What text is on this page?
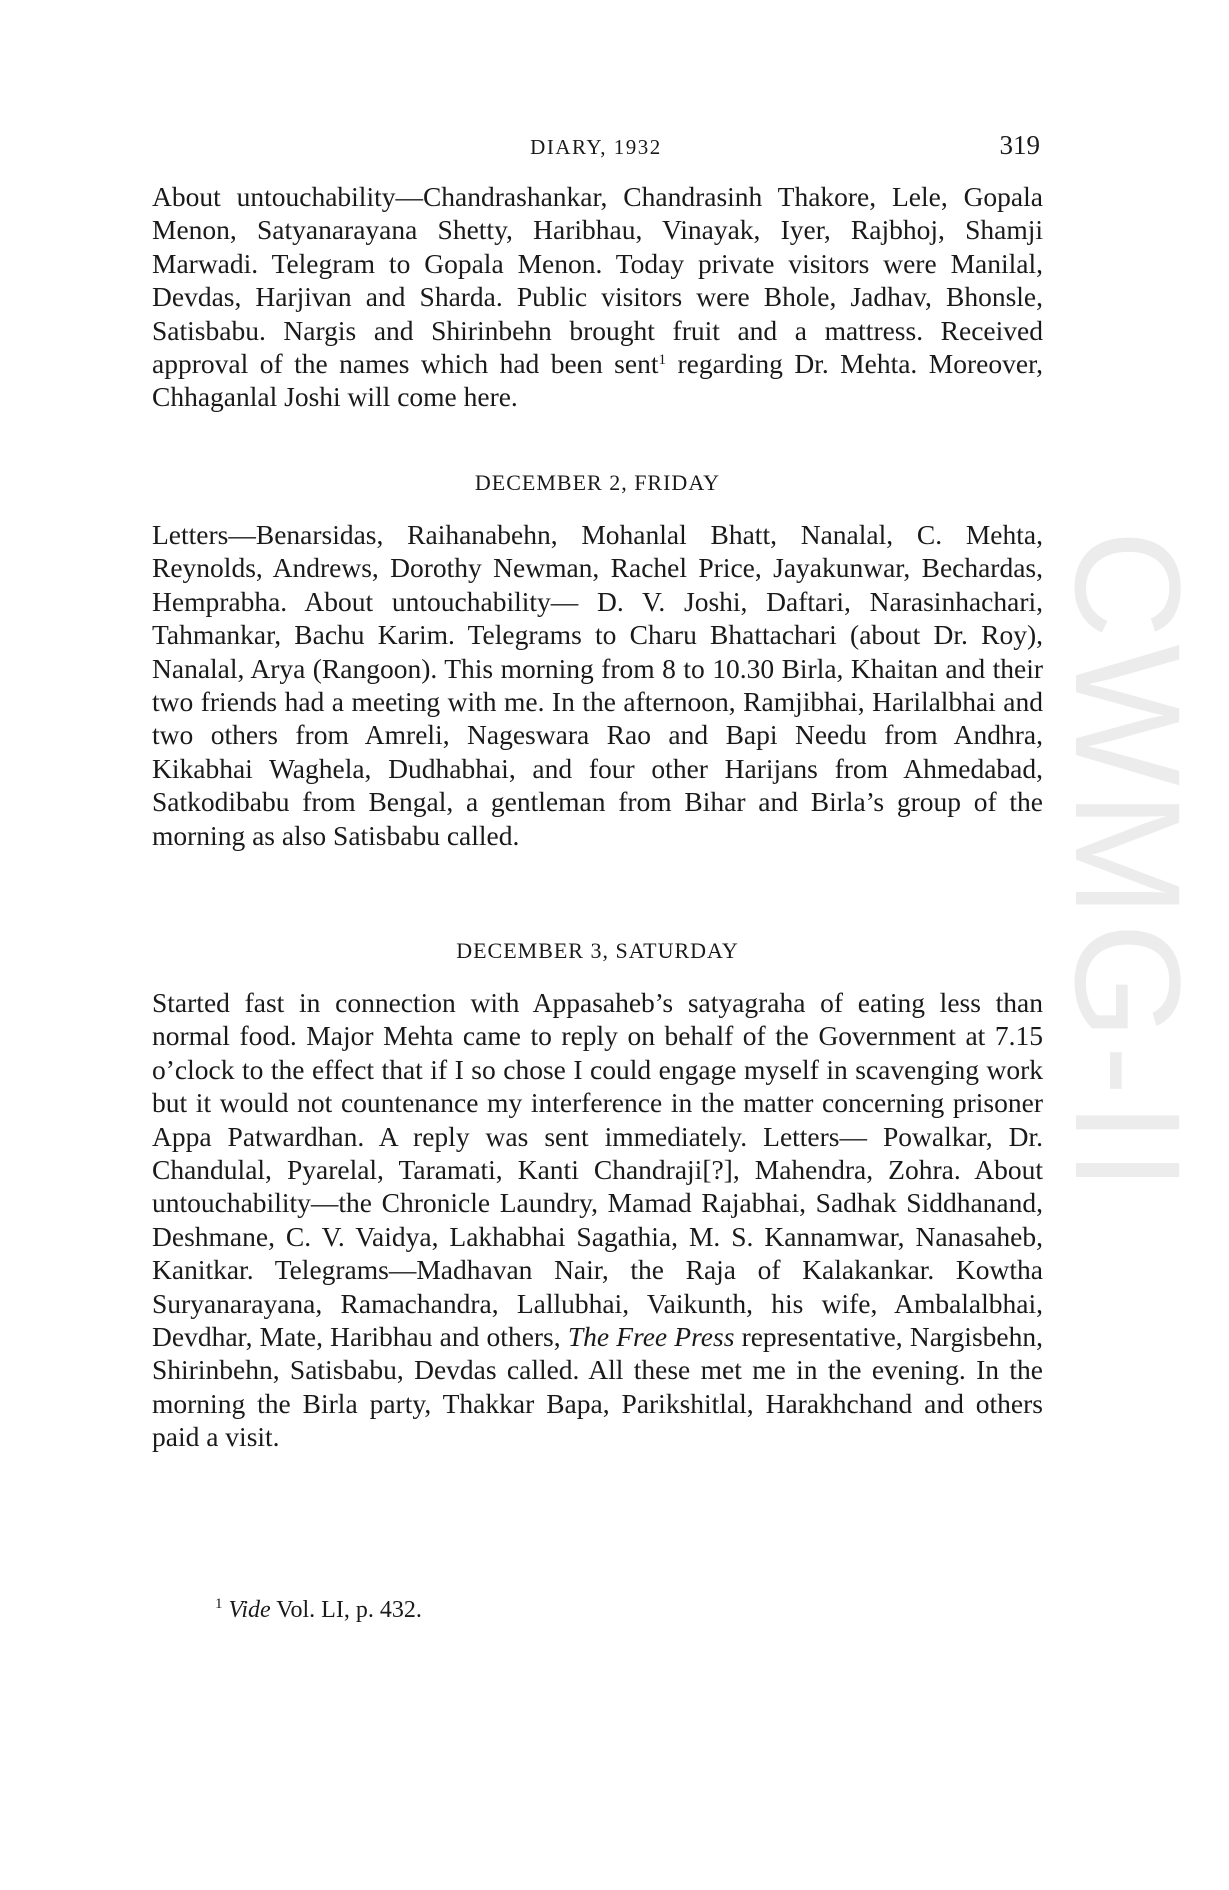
CWMG-II
DIARY, 1932	319

About untouchability—Chandrashankar, Chandrasinh Thakore, Lele, Gopala Menon, Satyanarayana Shetty, Haribhau, Vinayak, Iyer, Rajbhoj, Shamji Marwadi. Telegram to Gopala Menon. Today private visitors were Manilal, Devdas, Harjivan and Sharda. Public visitors were Bhole, Jadhav, Bhonsle, Satisbabu. Nargis and Shirinbehn brought fruit and a mattress. Received approval of the names which had been sent$^1$ regarding Dr. Mehta. Moreover, Chhaganlal Joshi will come here.

DECEMBER 2, FRIDAY

Letters—Benarsidas, Raihanabehn, Mohanlal Bhatt, Nanalal, C. Mehta, Reynolds, Andrews, Dorothy Newman, Rachel Price, Jayakunwar, Bechardas, Hemprabha. About untouchability— D. V. Joshi, Daftari, Narasinhachari, Tahmankar, Bachu Karim. Telegrams to Charu Bhattachari (about Dr. Roy), Nanalal, Arya (Rangoon). This morning from 8 to 10.30 Birla, Khaitan and their two friends had a meeting with me. In the afternoon, Ramjibhai, Harilalbhai and two others from Amreli, Nageswara Rao and Bapi Needu from Andhra, Kikabhai Waghela, Dudhabhai, and four other Harijans from Ahmedabad, Satkodibabu from Bengal, a gentleman from Bihar and Birla’s group of the morning as also Satisbabu called.

DECEMBER 3, SATURDAY

Started fast in connection with Appasaheb’s satyagraha of eating less than normal food. Major Mehta came to reply on behalf of the Government at 7.15 o’clock to the effect that if I so chose I could engage myself in scavenging work but it would not countenance my interference in the matter concerning prisoner Appa Patwardhan. A reply was sent immediately. Letters— Powalkar, Dr. Chandulal, Pyarelal, Taramati, Kanti Chandraji[?], Mahendra, Zohra. About untouchability—the Chronicle Laundry, Mamad Rajabhai, Sadhak Siddhanand, Deshmane, C. V. Vaidya, Lakhabhai Sagathia, M. S. Kannamwar, Nanasaheb, Kanitkar. Telegrams—Madhavan Nair, the Raja of Kalakankar. Kowtha Suryanarayana, Ramachandra, Lallubhai, Vaikunth, his wife, Ambalalbhai, Devdhar, Mate, Haribhau and others, The Free Press representative, Nargisbehn, Shirinbehn, Satisbabu, Devdas called. All these met me in the evening. In the morning the Birla party, Thakkar Bapa, Parikshitlal, Harakhchand and others paid a visit.

$^1$ Vide Vol. LI, p. 432.
